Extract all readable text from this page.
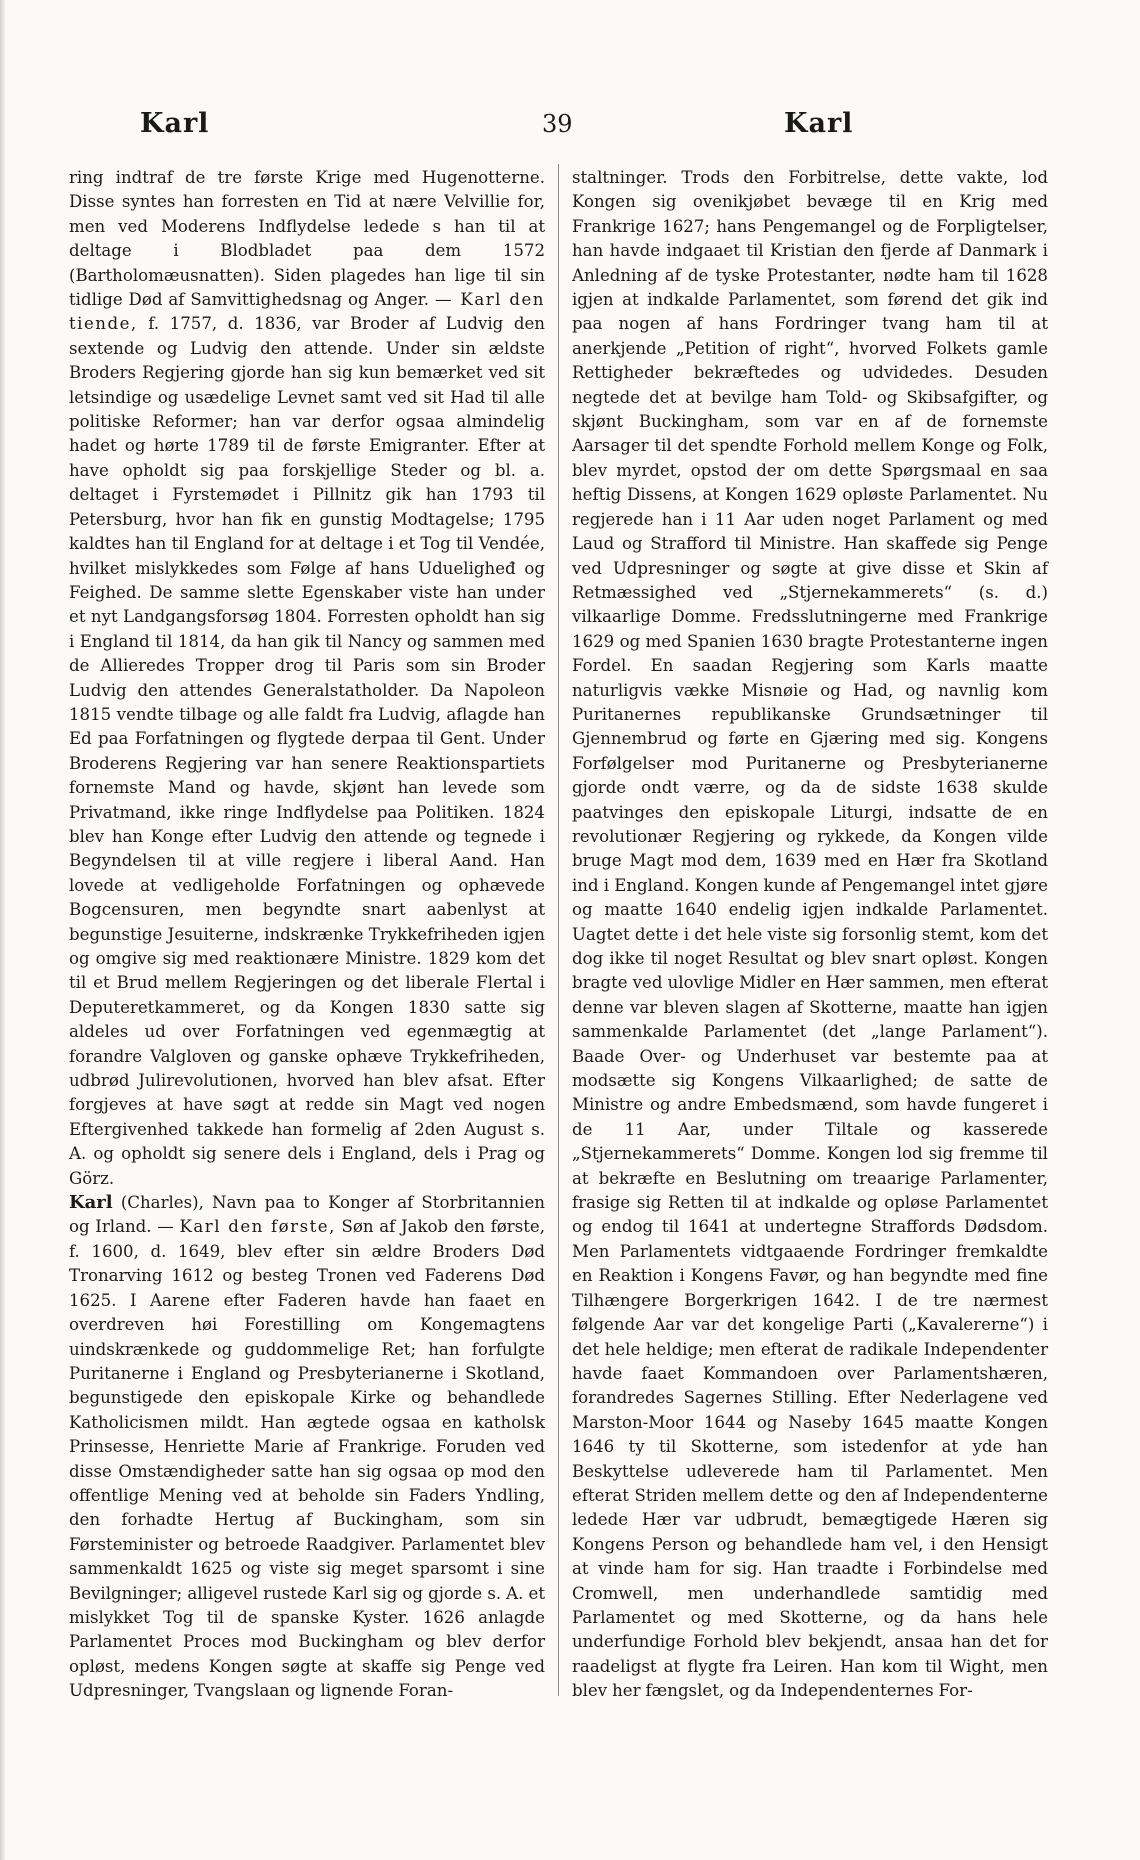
Karl	39	Karl

ring indtraf de tre første Krige med Hugenotterne. Disse syntes han forresten en Tid at nære Velvillie for, men ved Moderens Indflydelse ledede s han til at deltage i Blodbladet paa dem 1572 (Bartholomæusnatten). Siden plagedes han lige til sin tidlige Død af Samvittighedsnag og Anger. — Karl den tiende, f. 1757, d. 1836, var Broder af Ludvig den sextende og Ludvig den attende. Under sin ældste Broders Regjering gjorde han sig kun bemærket ved sit letsindige og usædelige Levnet samt ved sit Had til alle politiske Reformer; han var derfor ogsaa almindelig hadet og hørte 1789 til de første Emigranter. Efter at have opholdt sig paa forskjellige Steder og bl. a. deltaget i Fyrstemødet i Pillnitz gik han 1793 til Petersburg, hvor han fik en gunstig Modtagelse; 1795 kaldtes han til England for at deltage i et Tog til Vendée, hvilket mislykkedes som Følge af hans Udueligheđ og Feighed. De samme slette Egenskaber viste han under et nyt Landgangsforsøg 1804. Forresten opholdt han sig i England til 1814, da han gik til Nancy og sammen med de Allieredes Tropper drog til Paris som sin Broder Ludvig den attendes Generalstatholder. Da Napoleon 1815 vendte tilbage og alle faldt fra Ludvig, aflagde han Ed paa Forfatningen og flygtede derpaa til Gent. Under Broderens Regjering var han senere Reaktionspartiets fornemste Mand og havde, skjønt han levede som Privatmand, ikke ringe Indflydelse paa Politiken. 1824 blev han Konge efter Ludvig den attende og tegnede i Begyndelsen til at ville regjere i liberal Aand. Han lovede at vedligeholde Forfatningen og ophævede Bogcensuren, men begyndte snart aabenlyst at begunstige Jesuiterne, indskrænke Trykkefriheden igjen og omgive sig med reaktionære Ministre. 1829 kom det til et Brud mellem Regjeringen og det liberale Flertal i Deputeretkammeret, og da Kongen 1830 satte sig aldeles ud over Forfatningen ved egenmægtig at forandre Valgloven og ganske ophæve Trykkefriheden, udbrød Julirevolutionen, hvorved han blev afsat. Efter forgjeves at have søgt at redde sin Magt ved nogen Eftergivenhed takkede han formelig af 2den August s. A. og opholdt sig senere dels i England, dels i Prag og Görz.

Karl (Charles), Navn paa to Konger af Storbritannien og Irland. — Karl den første, Søn af Jakob den første, f. 1600, d. 1649, blev efter sin ældre Broders Død Tronarving 1612 og besteg Tronen ved Faderens Død 1625. I Aarene efter Faderen havde han faaet en overdreven høi Forestilling om Kongemagtens uindskrænkede og guddommelige Ret; han forfulgte Puritanerne i England og Presbyterianerne i Skotland, begunstigede den episkopale Kirke og behandlede Katholicismen mildt. Han ægtede ogsaa en katholsk Prinsesse, Henriette Marie af Frankrige. Foruden ved disse Omstændigheder satte han sig ogsaa op mod den offentlige Mening ved at beholde sin Faders Yndling, den forhadte Hertug af Buckingham, som sin Førsteminister og betroede Raadgiver. Parlamentet blev sammenkaldt 1625 og viste sig meget sparsomt i sine Bevilgninger; alligevel rustede Karl sig og gjorde s. A. et mislykket Tog til de spanske Kyster. 1626 anlagde Parlamentet Proces mod Buckingham og blev derfor opløst, medens Kongen søgte at skaffe sig Penge ved Udpresninger, Tvangslaan og lignende Foran-

staltninger. Trods den Forbitrelse, dette vakte, lod Kongen sig ovenikjøbet bevæge til en Krig med Frankrige 1627; hans Pengemangel og de Forpligtelser, han havde indgaaet til Kristian den fjerde af Danmark i Anledning af de tyske Protestanter, nødte ham til 1628 igjen at indkalde Parlamentet, som førend det gik ind paa nogen af hans Fordringer tvang ham til at anerkjende „Petition of right“, hvorved Folkets gamle Rettigheder bekræftedes og udvidedes. Desuden negtede det at bevilge ham Told- og Skibsafgifter, og skjønt Buckingham, som var en af de fornemste Aarsager til det spendte Forhold mellem Konge og Folk, blev myrdet, opstod der om dette Spørgsmaal en saa heftig Dissens, at Kongen 1629 opløste Parlamentet. Nu regjerede han i 11 Aar uden noget Parlament og med Laud og Strafford til Ministre. Han skaffede sig Penge ved Udpresninger og søgte at give disse et Skin af Retmæssighed ved „Stjernekammerets“ (s. d.) vilkaarlige Domme. Fredsslutningerne med Frankrige 1629 og med Spanien 1630 bragte Protestanterne ingen Fordel. En saadan Regjering som Karls maatte naturligvis vække Misnøie og Had, og navnlig kom Puritanernes republikanske Grundsætninger til Gjennembrud og førte en Gjæring med sig. Kongens Forfølgelser mod Puritanerne og Presbyterianerne gjorde ondt værre, og da de sidste 1638 skulde paatvinges den episkopale Liturgi, indsatte de en revolutionær Regjering og rykkede, da Kongen vilde bruge Magt mod dem, 1639 med en Hær fra Skotland ind i England. Kongen kunde af Pengemangel intet gjøre og maatte 1640 endelig igjen indkalde Parlamentet. Uagtet dette i det hele viste sig forsonlig stemt, kom det dog ikke til noget Resultat og blev snart opløst. Kongen bragte ved ulovlige Midler en Hær sammen, men efterat denne var bleven slagen af Skotterne, maatte han igjen sammenkalde Parlamentet (det „lange Parlament“). Baade Over- og Underhuset var bestemte paa at modsætte sig Kongens Vilkaarlighed; de satte de Ministre og andre Embedsmænd, som havde fungeret i de 11 Aar, under Tiltale og kasserede „Stjernekammerets“ Domme. Kongen lod sig fremme til at bekræfte en Beslutning om treaarige Parlamenter, frasige sig Retten til at indkalde og opløse Parlamentet og endog til 1641 at undertegne Straffords Dødsdom. Men Parlamentets vidtgaaende Fordringer fremkaldte en Reaktion i Kongens Favør, og han begyndte med fine Tilhængere Borgerkrigen 1642. I de tre nærmest følgende Aar var det kongelige Parti („Kavalererne“) i det hele heldige; men efterat de radikale Independenter havde faaet Kommandoen over Parlamentshæren, forandredes Sagernes Stilling. Efter Nederlagene ved Marston-Moor 1644 og Naseby 1645 maatte Kongen 1646 ty til Skotterne, som istedenfor at yde han Beskyttelse udleverede ham til Parlamentet. Men efterat Striden mellem dette og den af Independenterne ledede Hær var udbrudt, bemægtigede Hæren sig Kongens Person og behandlede ham vel, i den Hensigt at vinde ham for sig. Han traadte i Forbindelse med Cromwell, men underhandlede samtidig med Parlamentet og med Skotterne, og da hans hele underfundige Forhold blev bekjendt, ansaa han det for raadeligst at flygte fra Leiren. Han kom til Wight, men blev her fængslet, og da Independenternes For-
